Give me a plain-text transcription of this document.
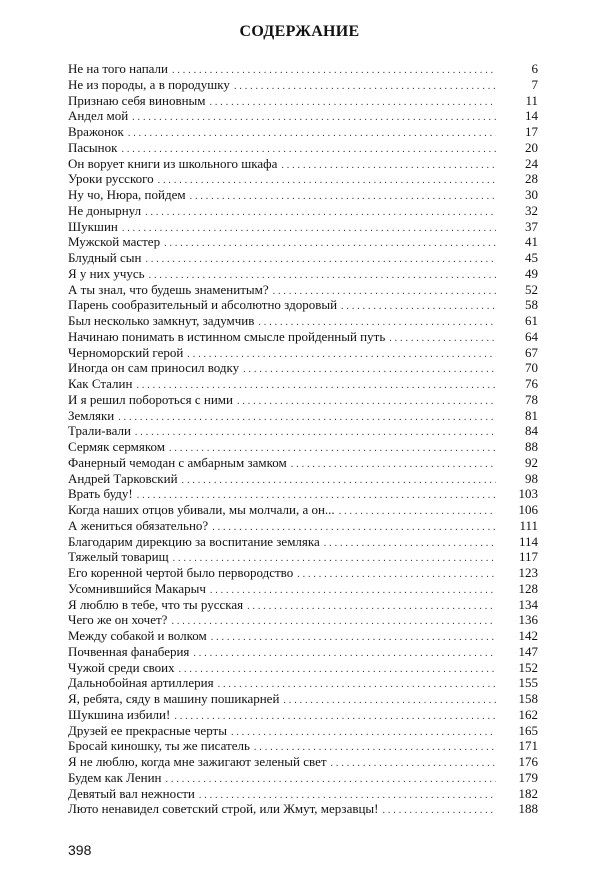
СОДЕРЖАНИЕ
Не на того напали . . .	6
Не из породы, а в породушку . . .	7
Признаю себя виновным . . .	11
Андел мой . . .	14
Вражонок . . .	17
Пасынок . . .	20
Он ворует книги из школьного шкафа . . .	24
Уроки русского . . .	28
Ну чо, Нюра, пойдем . . .	30
Не донырнул . . .	32
Шукшин . . .	37
Мужской мастер . . .	41
Блудный сын . . .	45
Я у них учусь . . .	49
А ты знал, что будешь знаменитым? . . .	52
Парень сообразительный и абсолютно здоровый . . .	58
Был несколько замкнут, задумчив . . .	61
Начинаю понимать в истинном смысле пройденный путь . . .	64
Черноморский герой . . .	67
Иногда он сам приносил водку . . .	70
Как Сталин . . .	76
И я решил побороться с ними . . .	78
Земляки . . .	81
Трали-вали . . .	84
Сермяк сермяком . . .	88
Фанерный чемодан с амбарным замком . . .	92
Андрей Тарковский . . .	98
Врать буду! . . .	103
Когда наших отцов убивали, мы молчали, а он... . . .	106
А жениться обязательно? . . .	111
Благодарим дирекцию за воспитание земляка . . .	114
Тяжелый товарищ . . .	117
Его коренной чертой было первородство . . .	123
Усомнившийся Макарыч . . .	128
Я люблю в тебе, что ты русская . . .	134
Чего же он хочет? . . .	136
Между собакой и волком . . .	142
Почвенная фанаберия . . .	147
Чужой среди своих . . .	152
Дальнобойная артиллерия . . .	155
Я, ребята, сяду в машину пошикарней . . .	158
Шукшина избили! . . .	162
Друзей ее прекрасные черты . . .	165
Бросай киношку, ты же писатель . . .	171
Я не люблю, когда мне зажигают зеленый свет . . .	176
Будем как Ленин . . .	179
Девятый вал нежности . . .	182
Люто ненавидел советский строй, или Жмут, мерзавцы! . . .	188
398
